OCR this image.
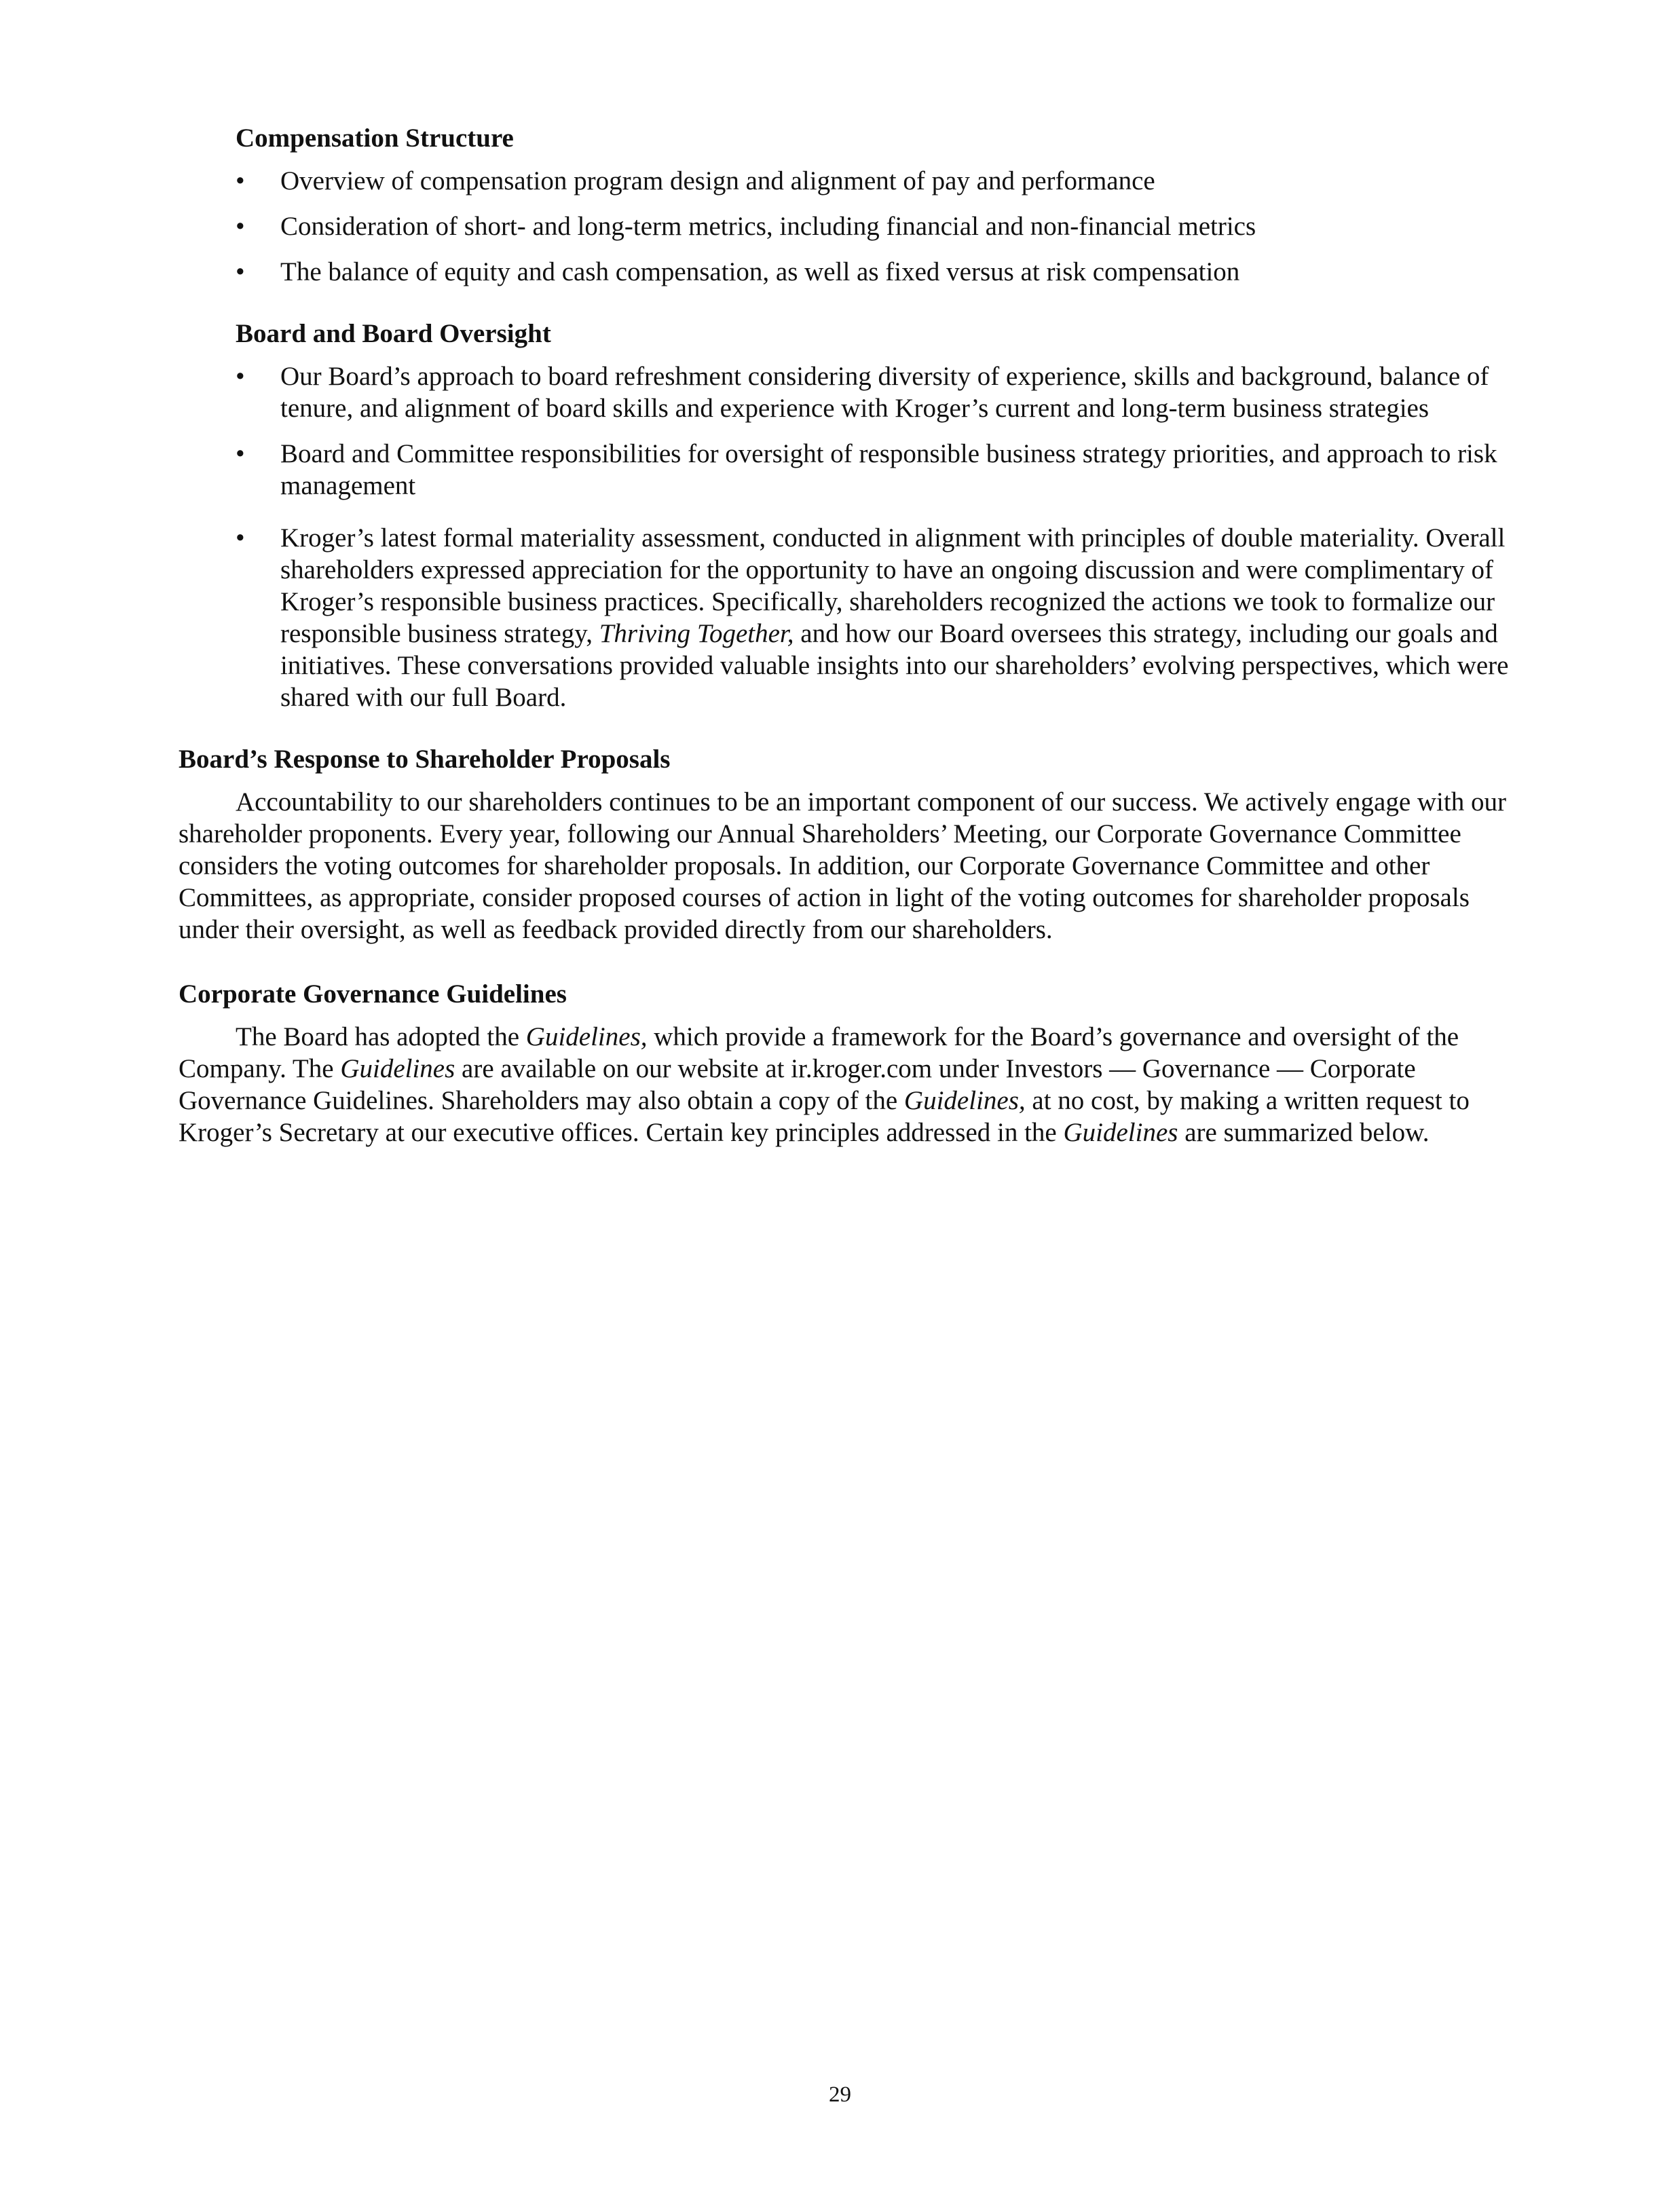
Compensation Structure
• Overview of compensation program design and alignment of pay and performance
• Consideration of short- and long-term metrics, including financial and non-financial metrics
• The balance of equity and cash compensation, as well as fixed versus at risk compensation
Board and Board Oversight
• Our Board’s approach to board refreshment considering diversity of experience, skills and background, balance of tenure, and alignment of board skills and experience with Kroger’s current and long-term business strategies
• Board and Committee responsibilities for oversight of responsible business strategy priorities, and approach to risk management
• Kroger’s latest formal materiality assessment, conducted in alignment with principles of double materiality. Overall shareholders expressed appreciation for the opportunity to have an ongoing discussion and were complimentary of Kroger’s responsible business practices. Specifically, shareholders recognized the actions we took to formalize our responsible business strategy, Thriving Together, and how our Board oversees this strategy, including our goals and initiatives. These conversations provided valuable insights into our shareholders’ evolving perspectives, which were shared with our full Board.
Board’s Response to Shareholder Proposals

Accountability to our shareholders continues to be an important component of our success. We actively engage with our shareholder proponents. Every year, following our Annual Shareholders’ Meeting, our Corporate Governance Committee considers the voting outcomes for shareholder proposals. In addition, our Corporate Governance Committee and other Committees, as appropriate, consider proposed courses of action in light of the voting outcomes for shareholder proposals under their oversight, as well as feedback provided directly from our shareholders.

Corporate Governance Guidelines

The Board has adopted the Guidelines, which provide a framework for the Board’s governance and oversight of the Company. The Guidelines are available on our website at ir.kroger.com under Investors — Governance — Corporate Governance Guidelines. Shareholders may also obtain a copy of the Guidelines, at no cost, by making a written request to Kroger’s Secretary at our executive offices. Certain key principles addressed in the Guidelines are summarized below.

29
